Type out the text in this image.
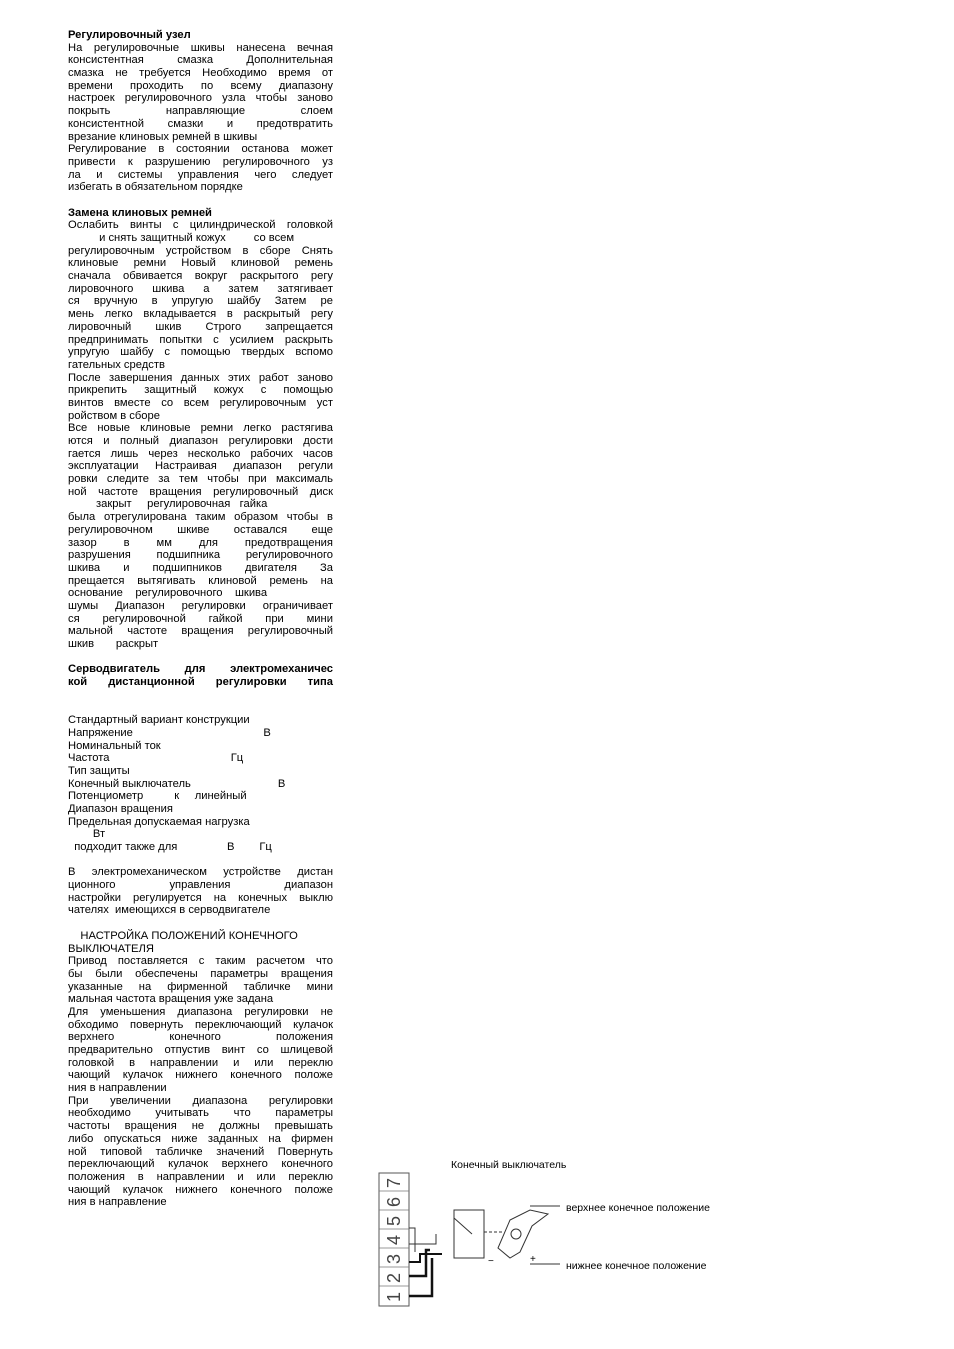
Регулировочный узел
На регулировочные шкивы нанесена вечная
консистентная смазка Дополнительная
смазка не требуется Необходимо время от
времени проходить по всему диапазону
настроек регулировочного узла чтобы заново
покрыть направляющие слоем
консистентной смазки и предотвратить
врезание клиновых ремней в шкивы
Регулирование в состоянии останова может
привести к разрушению регулировочного уз
ла и системы управления чего следует
избегать в обязательном порядке
Замена клиновых ремней
Ослабить винты с цилиндрической головкой
и снять защитный кожух         со всем
регулировочным устройством в сборе Снять
клиновые ремни Новый клиновой ремень
сначала обвивается вокруг раскрытого регу
лировочного шкива а затем затягивает
ся вручную в упругую шайбу Затем ре
мень легко вкладывается в раскрытый регу
лировочный шкив Строго запрещается
предпринимать попытки с усилием раскрыть
упругую шайбу с помощью твердых вспомо
гательных средств
После завершения данных этих работ заново
прикрепить защитный кожух с помощью
винтов вместе со всем регулировочным уст
ройством в сборе
Все новые клиновые ремни легко растягива
ются и полный диапазон регулировки дости
гается лишь через несколько рабочих часов
эксплуатации Настраивая диапазон регули
ровки следите за тем чтобы при максималь
ной частоте вращения регулировочный диск
закрыт     регулировочная   гайка
была отрегулирована таким образом чтобы в
регулировочном шкиве оставался еще
зазор в мм для предотвращения
разрушения подшипника регулировочного
шкива и подшипников двигателя За
прещается вытягивать клиновой ремень на
основание    регулировочного    шкива
шумы Диапазон регулировки ограничивает
ся регулировочной гайкой при мини
мальной частоте вращения регулировочный
шкив       раскрыт
Серводвигатель для электромеханичес
кой дистанционной регулировки типа
Стандартный вариант конструкции
Напряжение                                          В
Номинальный ток
Частота                                       Гц
Тип защиты
Конечный выключатель                            В
Потенциометр          к     линейный
Диапазон вращения
Предельная допускаемая нагрузка
Вт
подходит также для                В        Гц
В электромеханическом устройстве дистан
ционного управления диапазон
настройки регулируется на конечных выклю
чателях  имеющихся в серводвигателе
НАСТРОЙКА ПОЛОЖЕНИЙ КОНЕЧНОГО
ВЫКЛЮЧАТЕЛЯ
Привод поставляется с таким расчетом что
бы были обеспечены параметры вращения
указанные на фирменной табличке мини
мальная частота вращения уже задана
Для уменьшения диапазона регулировки не
обходимо повернуть переключающий кулачок
верхнего конечного положения
предварительно отпустив винт со шлицевой
головкой в направлении и или переклю
чающий кулачок нижнего конечного положе
ния в направлении
При увеличении диапазона регулировки
необходимо учитывать что параметры
частоты вращения не должны превышать
либо опускаться ниже заданных на фирмен
ной типовой табличке значений Повернуть
переключающий кулачок верхнего конечного
положения в направлении и или переклю
чающий кулачок нижнего конечного положе
ния в направление
Конечный выключатель
верхнее конечное положение
нижнее конечное положение
1
2
3
4
5
6
7
−	+
